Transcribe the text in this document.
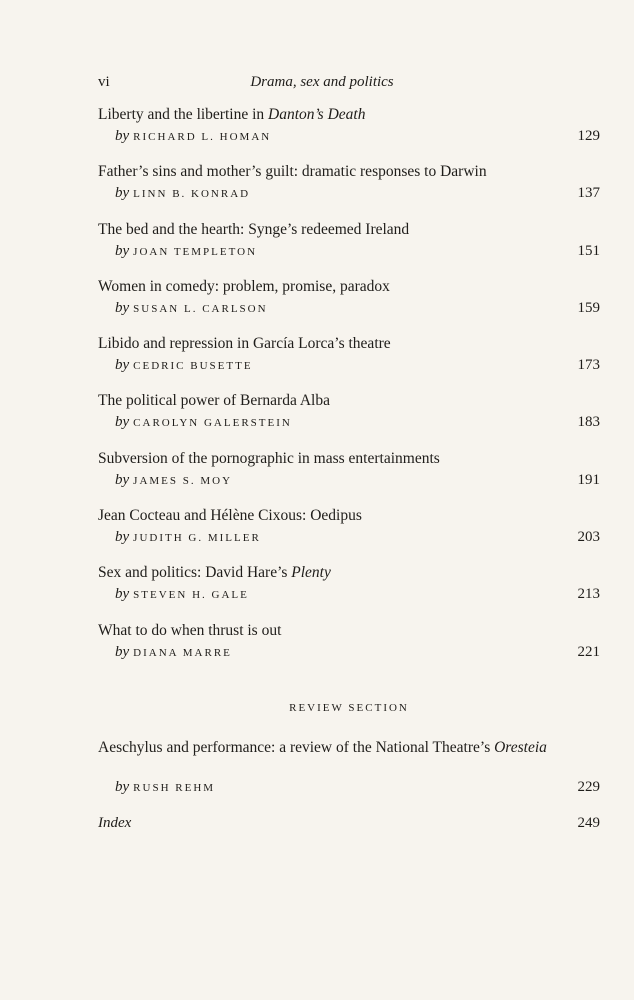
vi	Drama, sex and politics
Liberty and the libertine in Danton’s Death
by RICHARD L. HOMAN	129
Father’s sins and mother’s guilt: dramatic responses to Darwin
by LINN B. KONRAD	137
The bed and the hearth: Synge’s redeemed Ireland
by JOAN TEMPLETON	151
Women in comedy: problem, promise, paradox
by SUSAN L. CARLSON	159
Libido and repression in García Lorca’s theatre
by CEDRIC BUSETTE	173
The political power of Bernarda Alba
by CAROLYN GALERSTEIN	183
Subversion of the pornographic in mass entertainments
by JAMES S. MOY	191
Jean Cocteau and Hélène Cixous: Oedipus
by JUDITH G. MILLER	203
Sex and politics: David Hare’s Plenty
by STEVEN H. GALE	213
What to do when thrust is out
by DIANA MARRE	221
REVIEW SECTION
Aeschylus and performance: a review of the National Theatre’s Oresteia
by RUSH REHM	229
Index	249
